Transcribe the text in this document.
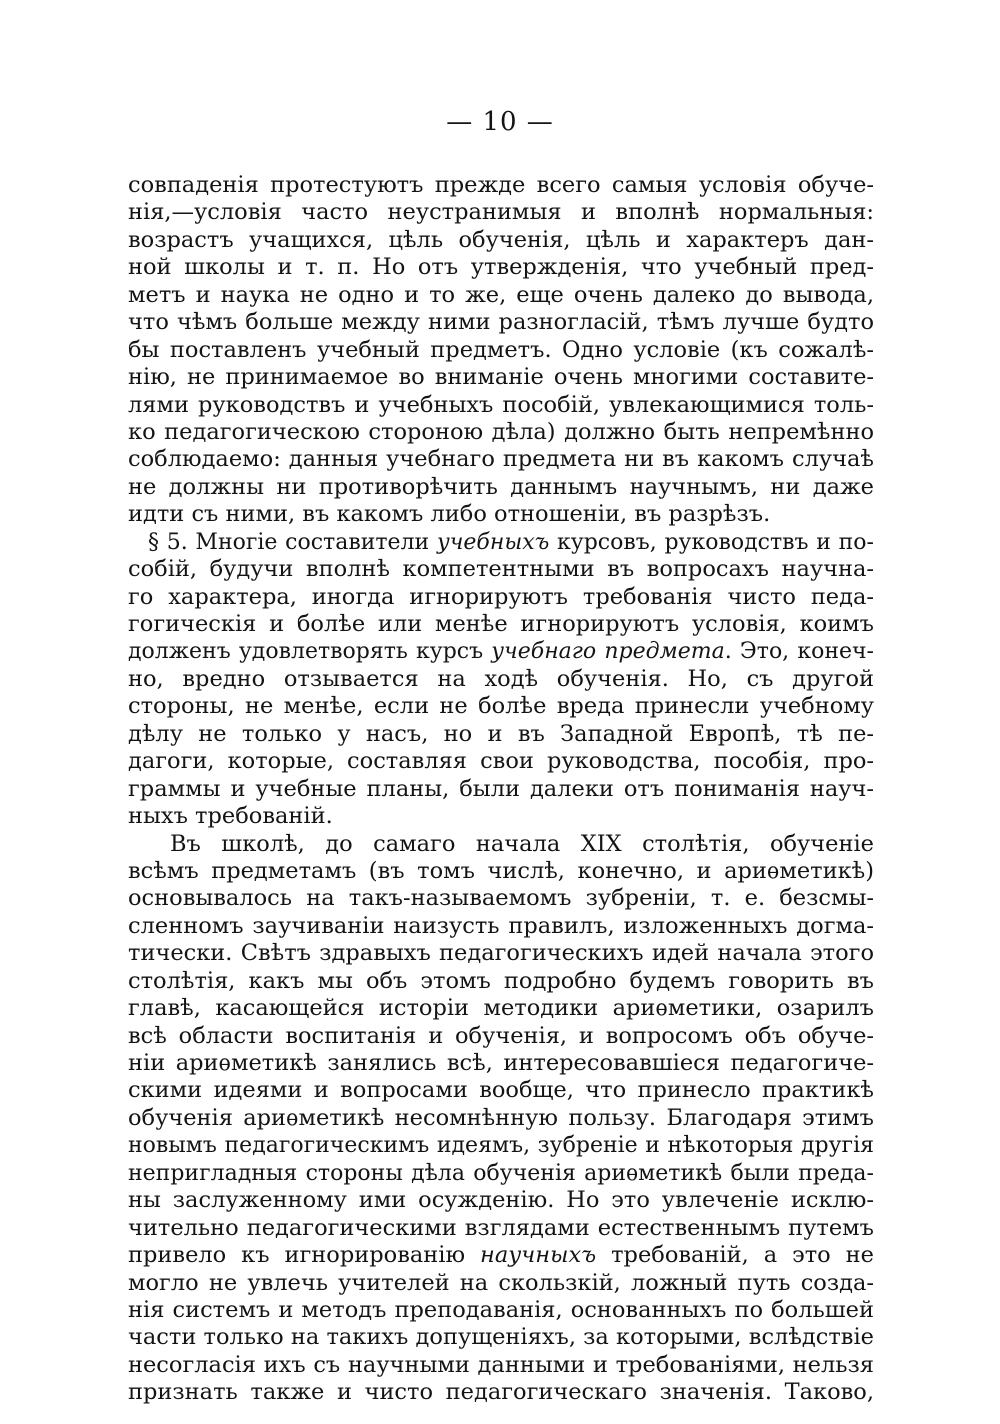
— 10 —
совпаденія протестуютъ прежде всего самыя условія обуче-
нія,—условія часто неустранимыя и вполнѣ нормальныя:
возрастъ учащихся, цѣль обученія, цѣль и характеръ дан-
ной школы и т. п. Но отъ утвержденія, что учебный пред-
метъ и наука не одно и то же, еще очень далеко до вывода,
что чѣмъ больше между ними разногласій, тѣмъ лучше будто
бы поставленъ учебный предметъ. Одно условіе (къ сожалѣ-
нію, не принимаемое во вниманіе очень многими составите-
лями руководствъ и учебныхъ пособій, увлекающимися толь-
ко педагогическою стороною дѣла) должно быть непремѣнно
соблюдаемо: данныя учебнаго предмета ни въ какомъ случаѣ
не должны ни противорѣчить даннымъ научнымъ, ни даже
идти съ ними, въ какомъ либо отношеніи, въ разрѣзъ.
§ 5. Многіе составители учебныхъ курсовъ, руководствъ и по-
собій, будучи вполнѣ компетентными въ вопросахъ научна-
го характера, иногда игнорируютъ требованія чисто педа-
гогическія и болѣе или менѣе игнорируютъ условія, коимъ
долженъ удовлетворять курсъ учебнаго предмета. Это, конеч-
но, вредно отзывается на ходѣ обученія. Но, съ другой
стороны, не менѣе, если не болѣе вреда принесли учебному
дѣлу не только у насъ, но и въ Западной Европѣ, тѣ пе-
дагоги, которые, составляя свои руководства, пособія, про-
граммы и учебные планы, были далеки отъ пониманія науч-
ныхъ требованій.
Въ школѣ, до самаго начала XIX столѣтія, обученіе
всѣмъ предметамъ (въ томъ числѣ, конечно, и ариѳметикѣ)
основывалось на такъ-называемомъ зубреніи, т. е. безсмы-
сленномъ заучиваніи наизусть правилъ, изложенныхъ догма-
тически. Свѣтъ здравыхъ педагогическихъ идей начала этого
столѣтія, какъ мы объ этомъ подробно будемъ говорить въ
главѣ, касающейся исторіи методики ариѳметики, озарилъ
всѣ области воспитанія и обученія, и вопросомъ объ обуче-
ніи ариѳметикѣ занялись всѣ, интересовавшіеся педагогиче-
скими идеями и вопросами вообще, что принесло практикѣ
обученія ариѳметикѣ несомнѣнную пользу. Благодаря этимъ
новымъ педагогическимъ идеямъ, зубреніе и нѣкоторыя другія
непригладныя стороны дѣла обученія ариѳметикѣ были преда-
ны заслуженному ими осужденію. Но это увлеченіе исклю-
чительно педагогическими взглядами естественнымъ путемъ
привело къ игнорированію научныхъ требованій, а это не
могло не увлечь учителей на скользкій, ложный путь созда-
нія системъ и методъ преподаванія, основанныхъ по большей
части только на такихъ допущеніяхъ, за которыми, вслѣдствіе
несогласія ихъ съ научными данными и требованіями, нельзя
признать также и чисто педагогическаго значенія. Таково,
